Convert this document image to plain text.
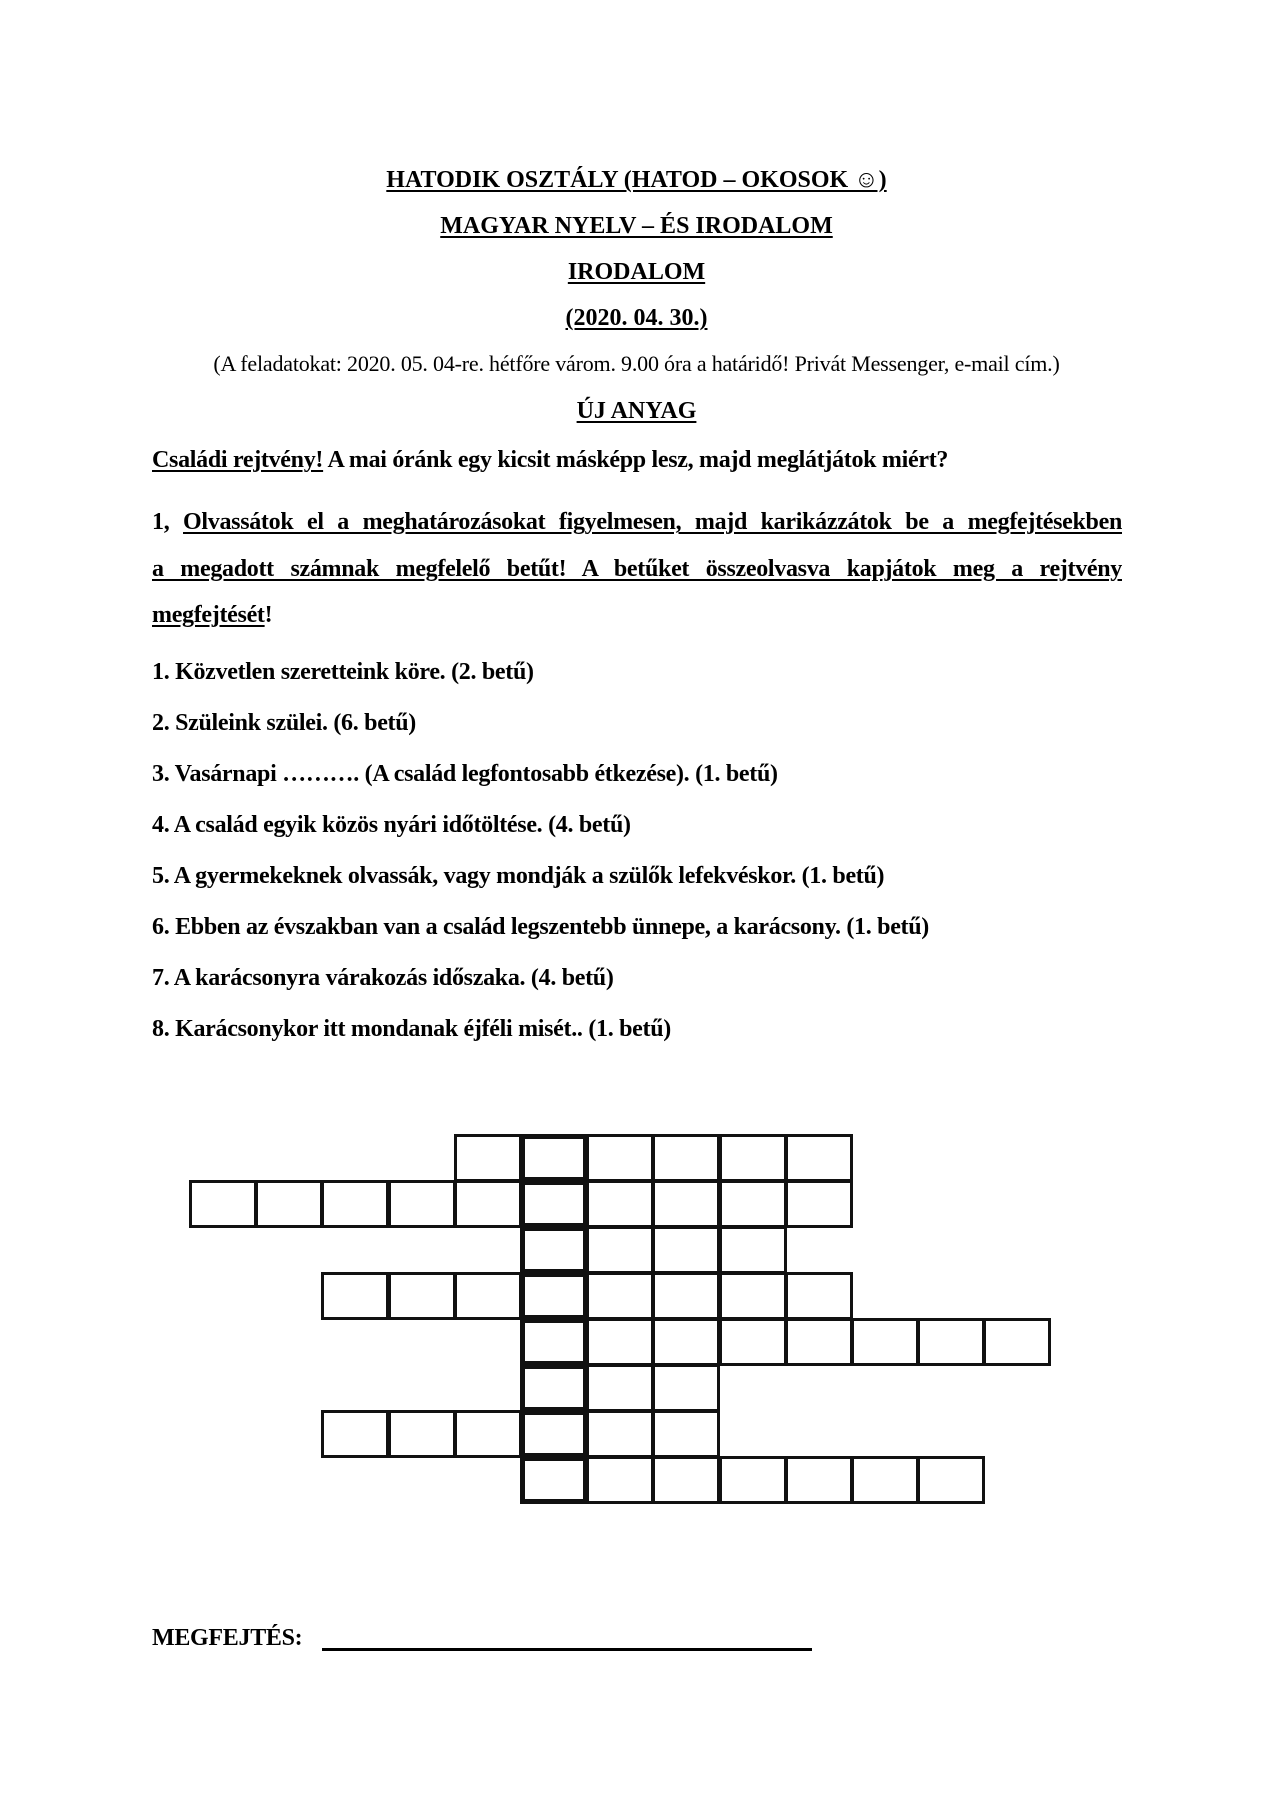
HATODIK OSZTÁLY (HATOD – OKOSOK ☺)
MAGYAR NYELV – ÉS IRODALOM
IRODALOM
(2020. 04. 30.)
(A feladatokat: 2020. 05. 04-re. hétfőre várom. 9.00 óra a határidő! Privát Messenger, e-mail cím.)
ÚJ ANYAG
Családi rejtvény! A mai óránk egy kicsit másképp lesz, majd meglátjátok miért?
1, Olvassátok el a meghatározásokat figyelmesen, majd karikázzátok be a megfejtésekben
a megadott számnak megfelelő betűt! A betűket összeolvasva kapjátok meg a rejtvény
megfejtését!
1. Közvetlen szeretteink köre. (2. betű)
2. Szüleink szülei. (6. betű)
3. Vasárnapi ………. (A család legfontosabb étkezése). (1. betű)
4. A család egyik közös nyári időtöltése. (4. betű)
5. A gyermekeknek olvassák, vagy mondják a szülők lefekvéskor. (1. betű)
6. Ebben az évszakban van a család legszentebb ünnepe, a karácsony. (1. betű)
7. A karácsonyra várakozás időszaka. (4. betű)
8. Karácsonykor itt mondanak éjféli misét.. (1. betű)
MEGFEJTÉS:
